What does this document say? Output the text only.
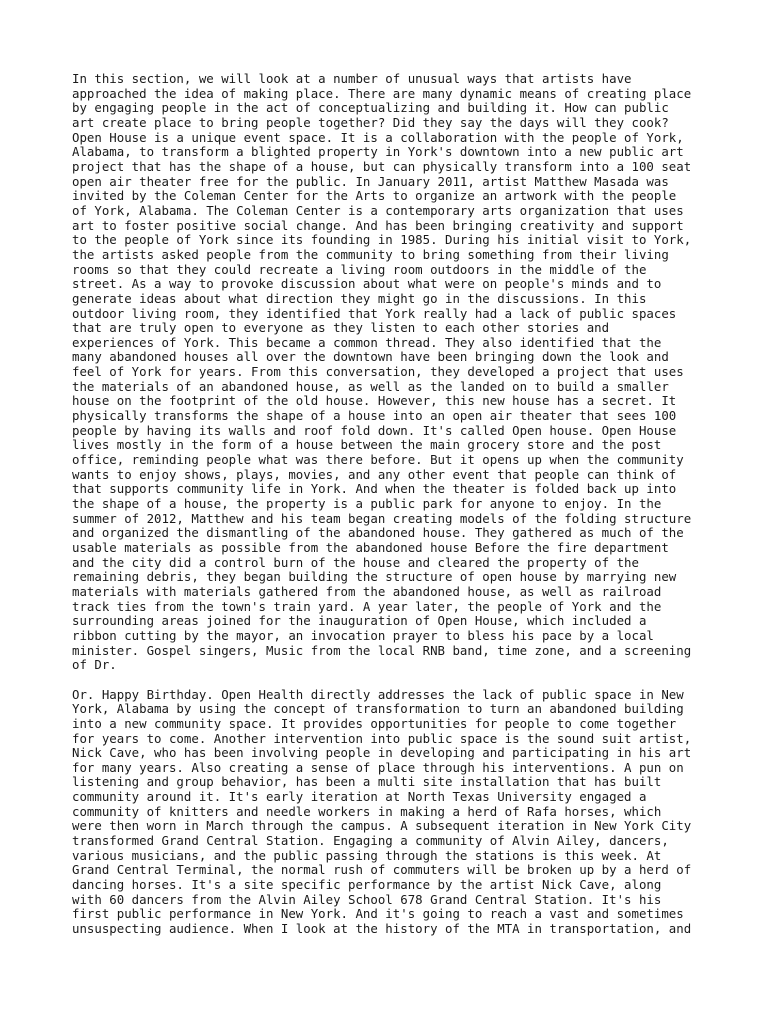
In this section, we will look at a number of unusual ways that artists have
approached the idea of making place. There are many dynamic means of creating place
by engaging people in the act of conceptualizing and building it. How can public
art create place to bring people together? Did they say the days will they cook?
Open House is a unique event space. It is a collaboration with the people of York,
Alabama, to transform a blighted property in York's downtown into a new public art
project that has the shape of a house, but can physically transform into a 100 seat
open air theater free for the public. In January 2011, artist Matthew Masada was
invited by the Coleman Center for the Arts to organize an artwork with the people
of York, Alabama. The Coleman Center is a contemporary arts organization that uses
art to foster positive social change. And has been bringing creativity and support
to the people of York since its founding in 1985. During his initial visit to York,
the artists asked people from the community to bring something from their living
rooms so that they could recreate a living room outdoors in the middle of the
street. As a way to provoke discussion about what were on people's minds and to
generate ideas about what direction they might go in the discussions. In this
outdoor living room, they identified that York really had a lack of public spaces
that are truly open to everyone as they listen to each other stories and
experiences of York. This became a common thread. They also identified that the
many abandoned houses all over the downtown have been bringing down the look and
feel of York for years. From this conversation, they developed a project that uses
the materials of an abandoned house, as well as the landed on to build a smaller
house on the footprint of the old house. However, this new house has a secret. It
physically transforms the shape of a house into an open air theater that sees 100
people by having its walls and roof fold down. It's called Open house. Open House
lives mostly in the form of a house between the main grocery store and the post
office, reminding people what was there before. But it opens up when the community
wants to enjoy shows, plays, movies, and any other event that people can think of
that supports community life in York. And when the theater is folded back up into
the shape of a house, the property is a public park for anyone to enjoy. In the
summer of 2012, Matthew and his team began creating models of the folding structure
and organized the dismantling of the abandoned house. They gathered as much of the
usable materials as possible from the abandoned house Before the fire department
and the city did a control burn of the house and cleared the property of the
remaining debris, they began building the structure of open house by marrying new
materials with materials gathered from the abandoned house, as well as railroad
track ties from the town's train yard. A year later, the people of York and the
surrounding areas joined for the inauguration of Open House, which included a
ribbon cutting by the mayor, an invocation prayer to bless his pace by a local
minister. Gospel singers, Music from the local RNB band, time zone, and a screening
of Dr.
Or. Happy Birthday. Open Health directly addresses the lack of public space in New
York, Alabama by using the concept of transformation to turn an abandoned building
into a new community space. It provides opportunities for people to come together
for years to come. Another intervention into public space is the sound suit artist,
Nick Cave, who has been involving people in developing and participating in his art
for many years. Also creating a sense of place through his interventions. A pun on
listening and group behavior, has been a multi site installation that has built
community around it. It's early iteration at North Texas University engaged a
community of knitters and needle workers in making a herd of Rafa horses, which
were then worn in March through the campus. A subsequent iteration in New York City
transformed Grand Central Station. Engaging a community of Alvin Ailey, dancers,
various musicians, and the public passing through the stations is this week. At
Grand Central Terminal, the normal rush of commuters will be broken up by a herd of
dancing horses. It's a site specific performance by the artist Nick Cave, along
with 60 dancers from the Alvin Ailey School 678 Grand Central Station. It's his
first public performance in New York. And it's going to reach a vast and sometimes
unsuspecting audience. When I look at the history of the MTA in transportation, and
